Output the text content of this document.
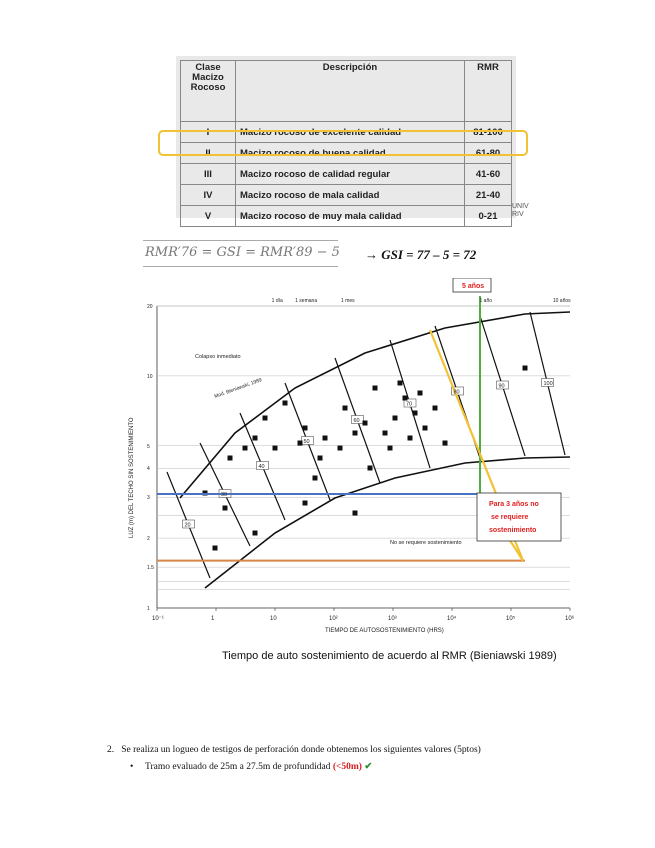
Clase Macizo Rocoso	Descripción	RMR
I	Macizo rocoso de excelente calidad	81-100
II	Macizo rocoso de buena calidad	61-80
III	Macizo rocoso de calidad regular	41-60
IV	Macizo rocoso de mala calidad	21-40
V	Macizo rocoso de muy mala calidad	0-21
UNIV
RIV
RMR′76 = GSI = RMR′89 − 5 → GSI = 77 – 5 = 72
10⁻¹	1	10	10²	10³	10⁴	10⁵	10⁶
20
10
5
4
3
2
1.5
1
TIEMPO DE AUTOSOSTENIMIENTO (HRS)
LUZ (m) DEL TECHO SIN SOSTENIMIENTO
1 día 1 semana	1 mes	1 año	10 años
20
30
40
50
60
70
80
90	100
Colapso inmediato
No se requiere sostenimiento
Mod. Bieniawski, 1989
5 años
Para 3 años no
se requiere
sostenimiento
Tiempo de auto sostenimiento de acuerdo al RMR (Bieniawski 1989)
2. Se realiza un logueo de testigos de perforación donde obtenemos los siguientes valores (5ptos)
• Tramo evaluado de 25m a 27.5m de profundidad (<50m) ✔
